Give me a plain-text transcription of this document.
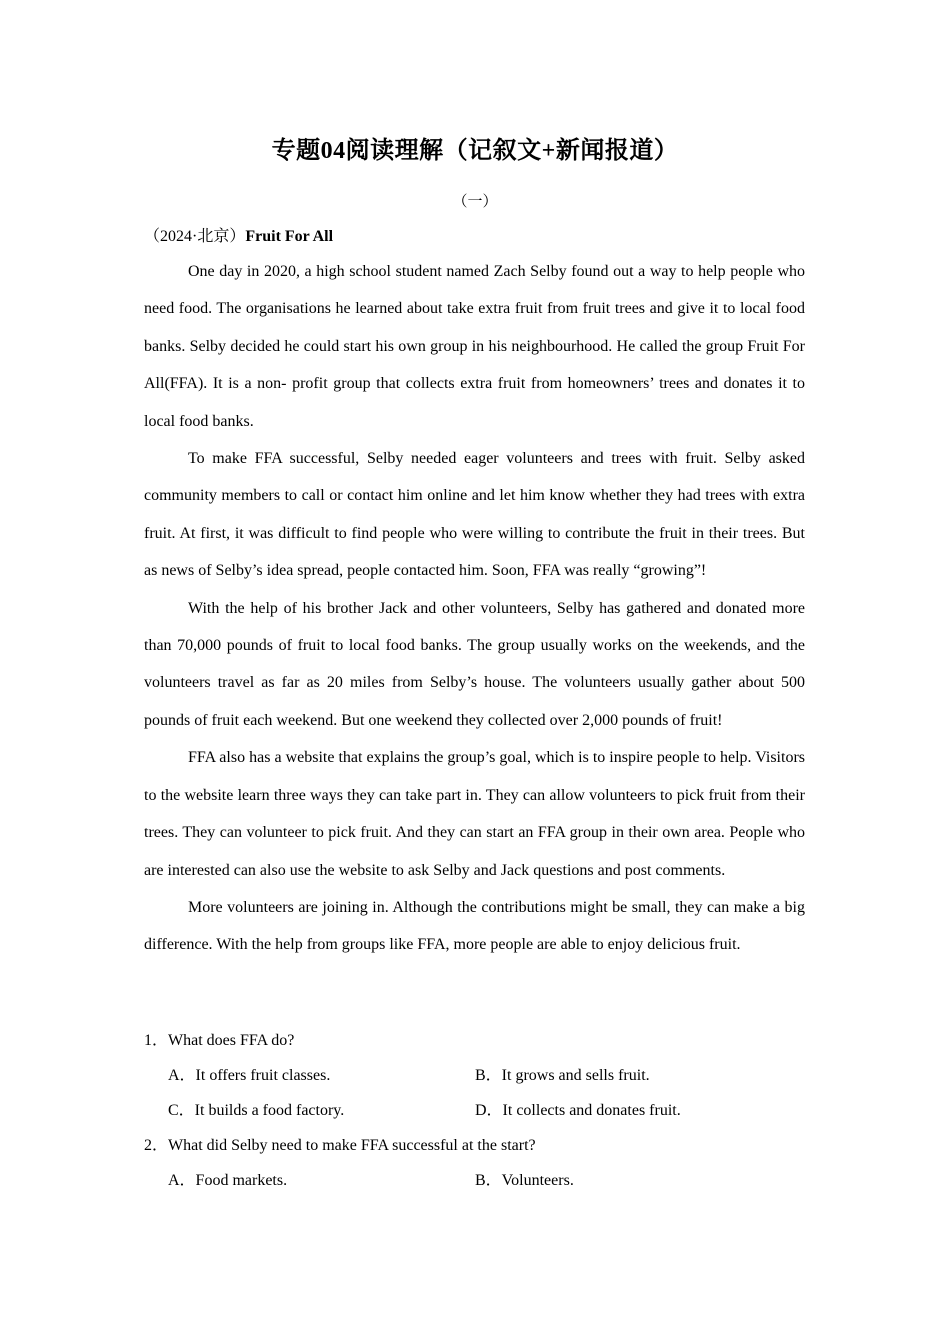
专题04阅读理解（记叙文+新闻报道）
（一）
（2024·北京）Fruit For All

One day in 2020, a high school student named Zach Selby found out a way to help people who need food. The organisations he learned about take extra fruit from fruit trees and give it to local food banks. Selby decided he could start his own group in his neighbourhood. He called the group Fruit For All(FFA). It is a non- profit group that collects extra fruit from homeowners’ trees and donates it to local food banks.

To make FFA successful, Selby needed eager volunteers and trees with fruit. Selby asked community members to call or contact him online and let him know whether they had trees with extra fruit. At first, it was difficult to find people who were willing to contribute the fruit in their trees. But as news of Selby’s idea spread, people contacted him. Soon, FFA was really “growing”!

With the help of his brother Jack and other volunteers, Selby has gathered and donated more than 70,000 pounds of fruit to local food banks. The group usually works on the weekends, and the volunteers travel as far as 20 miles from Selby’s house. The volunteers usually gather about 500 pounds of fruit each weekend. But one weekend they collected over 2,000 pounds of fruit!

FFA also has a website that explains the group’s goal, which is to inspire people to help. Visitors to the website learn three ways they can take part in. They can allow volunteers to pick fruit from their trees. They can volunteer to pick fruit. And they can start an FFA group in their own area. People who are interested can also use the website to ask Selby and Jack questions and post comments.

More volunteers are joining in. Although the contributions might be small, they can make a big difference. With the help from groups like FFA, more people are able to enjoy delicious fruit.

1．What does FFA do?
A．It offers fruit classes.	B．It grows and sells fruit.
C．It builds a food factory.	D．It collects and donates fruit.
2．What did Selby need to make FFA successful at the start?
A．Food markets.	B．Volunteers.
